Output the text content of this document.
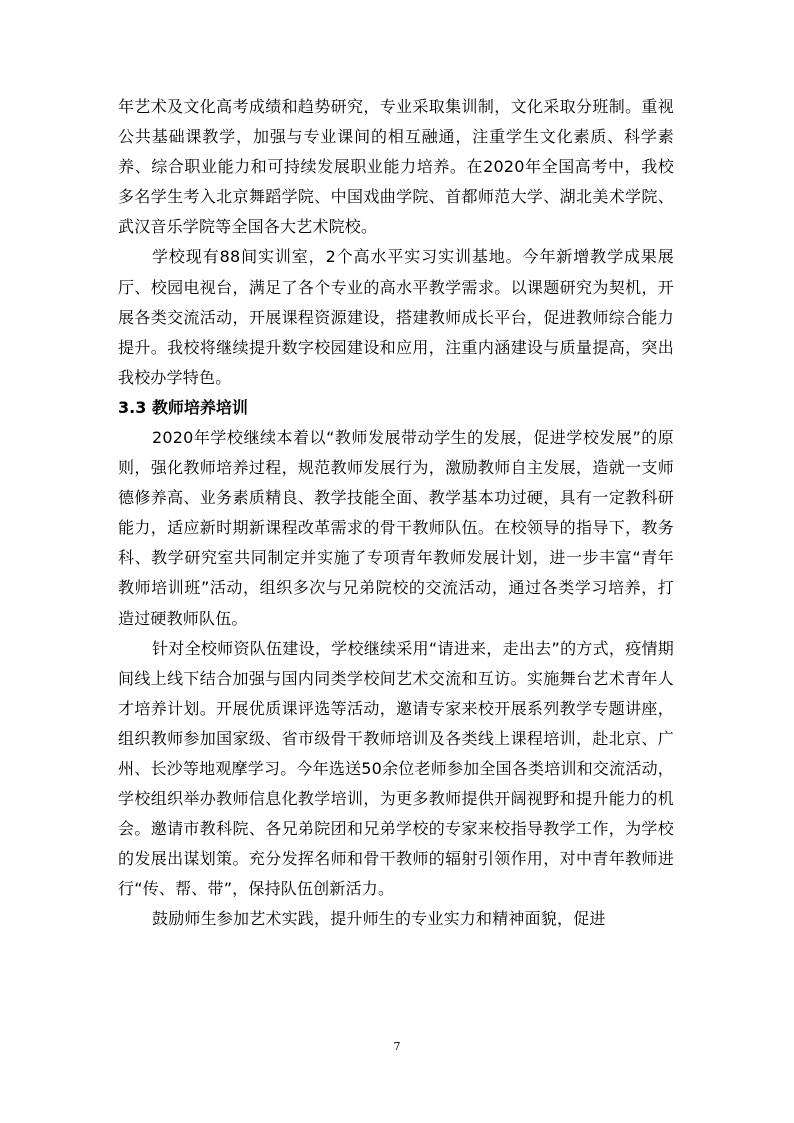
年艺术及文化高考成绩和趋势研究，专业采取集训制，文化采取分班制。重视公共基础课教学，加强与专业课间的相互融通，注重学生文化素质、科学素养、综合职业能力和可持续发展职业能力培养。在2020年全国高考中，我校多名学生考入北京舞蹈学院、中国戏曲学院、首都师范大学、湖北美术学院、武汉音乐学院等全国各大艺术院校。

学校现有88间实训室，2个高水平实习实训基地。今年新增教学成果展厅、校园电视台，满足了各个专业的高水平教学需求。以课题研究为契机，开展各类交流活动，开展课程资源建设，搭建教师成长平台，促进教师综合能力提升。我校将继续提升数字校园建设和应用，注重内涵建设与质量提高，突出我校办学特色。

3.3 教师培养培训

2020年学校继续本着以“教师发展带动学生的发展，促进学校发展”的原则，强化教师培养过程，规范教师发展行为，激励教师自主发展，造就一支师德修养高、业务素质精良、教学技能全面、教学基本功过硬，具有一定教科研能力，适应新时期新课程改革需求的骨干教师队伍。在校领导的指导下，教务科、教学研究室共同制定并实施了专项青年教师发展计划，进一步丰富“青年教师培训班”活动，组织多次与兄弟院校的交流活动，通过各类学习培养，打造过硬教师队伍。

针对全校师资队伍建设，学校继续采用“请进来，走出去”的方式，疫情期间线上线下结合加强与国内同类学校间艺术交流和互访。实施舞台艺术青年人才培养计划。开展优质课评选等活动，邀请专家来校开展系列教学专题讲座，组织教师参加国家级、省市级骨干教师培训及各类线上课程培训，赴北京、广州、长沙等地观摩学习。今年选送50余位老师参加全国各类培训和交流活动，学校组织举办教师信息化教学培训，为更多教师提供开阔视野和提升能力的机会。邀请市教科院、各兄弟院团和兄弟学校的专家来校指导教学工作，为学校的发展出谋划策。充分发挥名师和骨干教师的辐射引领作用，对中青年教师进行“传、帮、带”，保持队伍创新活力。

鼓励师生参加艺术实践，提升师生的专业实力和精神面貌，促进

7
